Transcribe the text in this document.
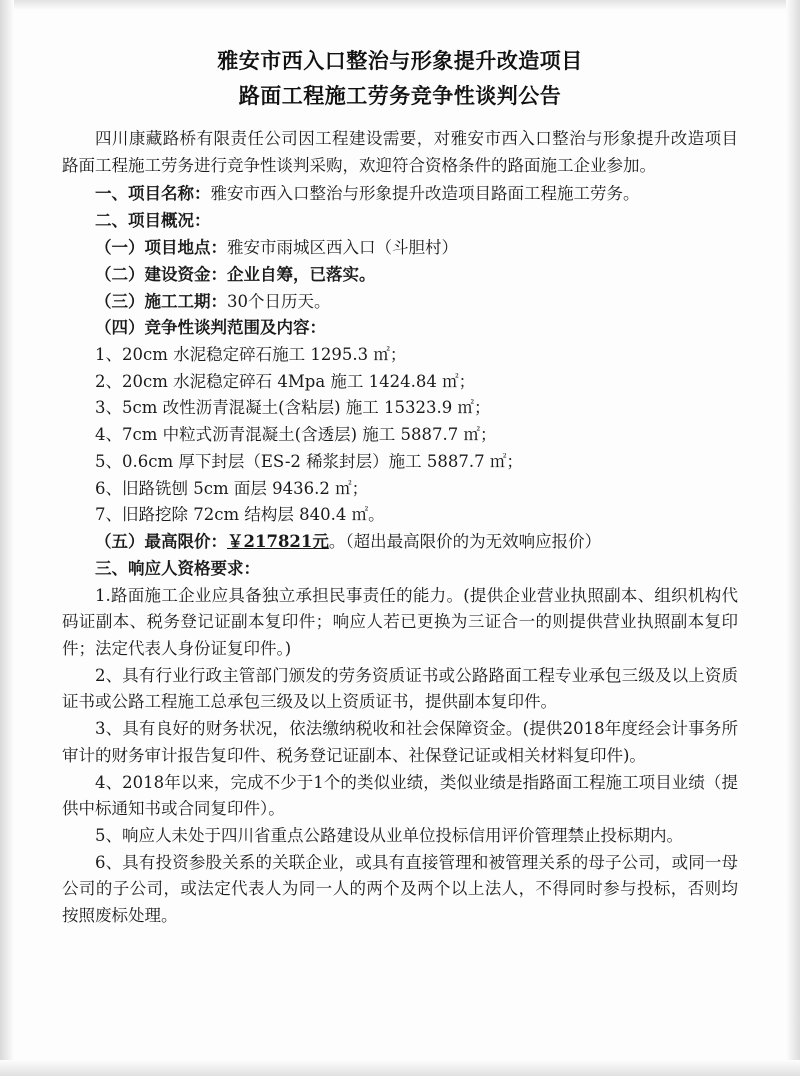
雅安市西入口整治与形象提升改造项目
路面工程施工劳务竞争性谈判公告

四川康藏路桥有限责任公司因工程建设需要，对雅安市西入口整治与形象提升改造项目路面工程施工劳务进行竞争性谈判采购，欢迎符合资格条件的路面施工企业参加。

一、项目名称：雅安市西入口整治与形象提升改造项目路面工程施工劳务。

二、项目概况：

（一）项目地点：雅安市雨城区西入口（斗胆村）

（二）建设资金：企业自筹，已落实。

（三）施工工期：30个日历天。

（四）竞争性谈判范围及内容：

1、20cm 水泥稳定碎石施工 1295.3 ㎡；

2、20cm 水泥稳定碎石 4Mpa 施工 1424.84 ㎡；

3、5cm 改性沥青混凝土(含粘层) 施工 15323.9 ㎡；

4、7cm 中粒式沥青混凝土(含透层) 施工 5887.7 ㎡；

5、0.6cm 厚下封层（ES-2 稀浆封层）施工 5887.7 ㎡；

6、旧路铣刨 5cm 面层 9436.2 ㎡；

7、旧路挖除 72cm 结构层 840.4 ㎡。

（五）最高限价：￥217821元。（超出最高限价的为无效响应报价）

三、响应人资格要求：

1.路面施工企业应具备独立承担民事责任的能力。(提供企业营业执照副本、组织机构代码证副本、税务登记证副本复印件；响应人若已更换为三证合一的则提供营业执照副本复印件；法定代表人身份证复印件。)

2、具有行业行政主管部门颁发的劳务资质证书或公路路面工程专业承包三级及以上资质证书或公路工程施工总承包三级及以上资质证书，提供副本复印件。

3、具有良好的财务状况，依法缴纳税收和社会保障资金。(提供2018年度经会计事务所审计的财务审计报告复印件、税务登记证副本、社保登记证或相关材料复印件)。

4、2018年以来，完成不少于1个的类似业绩，类似业绩是指路面工程施工项目业绩（提供中标通知书或合同复印件）。

5、响应人未处于四川省重点公路建设从业单位投标信用评价管理禁止投标期内。

6、具有投资参股关系的关联企业，或具有直接管理和被管理关系的母子公司，或同一母公司的子公司，或法定代表人为同一人的两个及两个以上法人，不得同时参与投标，否则均按照废标处理。
